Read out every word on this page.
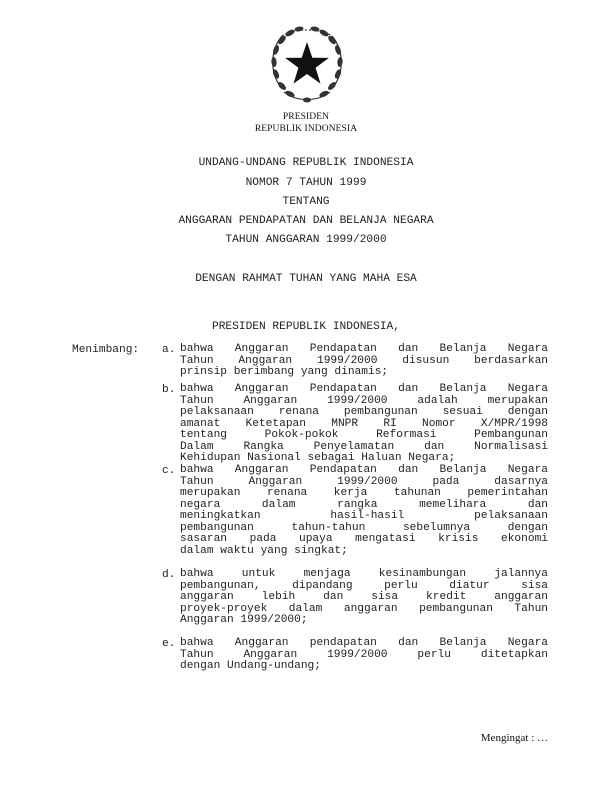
PRESIDEN
REPUBLIK INDONESIA
UNDANG-UNDANG REPUBLIK INDONESIA
NOMOR 7 TAHUN 1999
TENTANG
ANGGARAN PENDAPATAN DAN BELANJA NEGARA
TAHUN ANGGARAN 1999/2000
DENGAN RAHMAT TUHAN YANG MAHA ESA
PRESIDEN REPUBLIK INDONESIA,
Menimbang: a. bahwa Anggaran Pendapatan dan Belanja Negara
Tahun Anggaran 1999/2000 disusun berdasarkan
prinsip berimbang yang dinamis;
b. bahwa Anggaran Pendapatan dan Belanja Negara
Tahun Anggaran 1999/2000 adalah merupakan
pelaksanaan renana pembangunan sesuai dengan
amanat Ketetapan MNPR RI Nomor X/MPR/1998
tentang Pokok-pokok Reformasi Pembangunan
Dalam Rangka Penyelamatan dan Normalisasi
Kehidupan Nasional sebagai Haluan Negara;
c. bahwa Anggaran Pendapatan dan Belanja Negara
Tahun Anggaran 1999/2000 pada dasarnya
merupakan renana kerja tahunan pemerintahan
negara dalam rangka memelihara dan
meningkatkan hasil-hasil pelaksanaan
pembangunan tahun-tahun sebelumnya dengan
sasaran pada upaya mengatasi krisis ekonomi
dalam waktu yang singkat;
d. bahwa untuk menjaga kesinambungan jalannya
pembangunan, dipandang perlu diatur sisa
anggaran lebih dan sisa kredit anggaran
proyek-proyek dalam anggaran pembangunan Tahun
Anggaran 1999/2000;
e. bahwa Anggaran pendapatan dan Belanja Negara
Tahun Anggaran 1999/2000 perlu ditetapkan
dengan Undang-undang;
Mengingat : …
